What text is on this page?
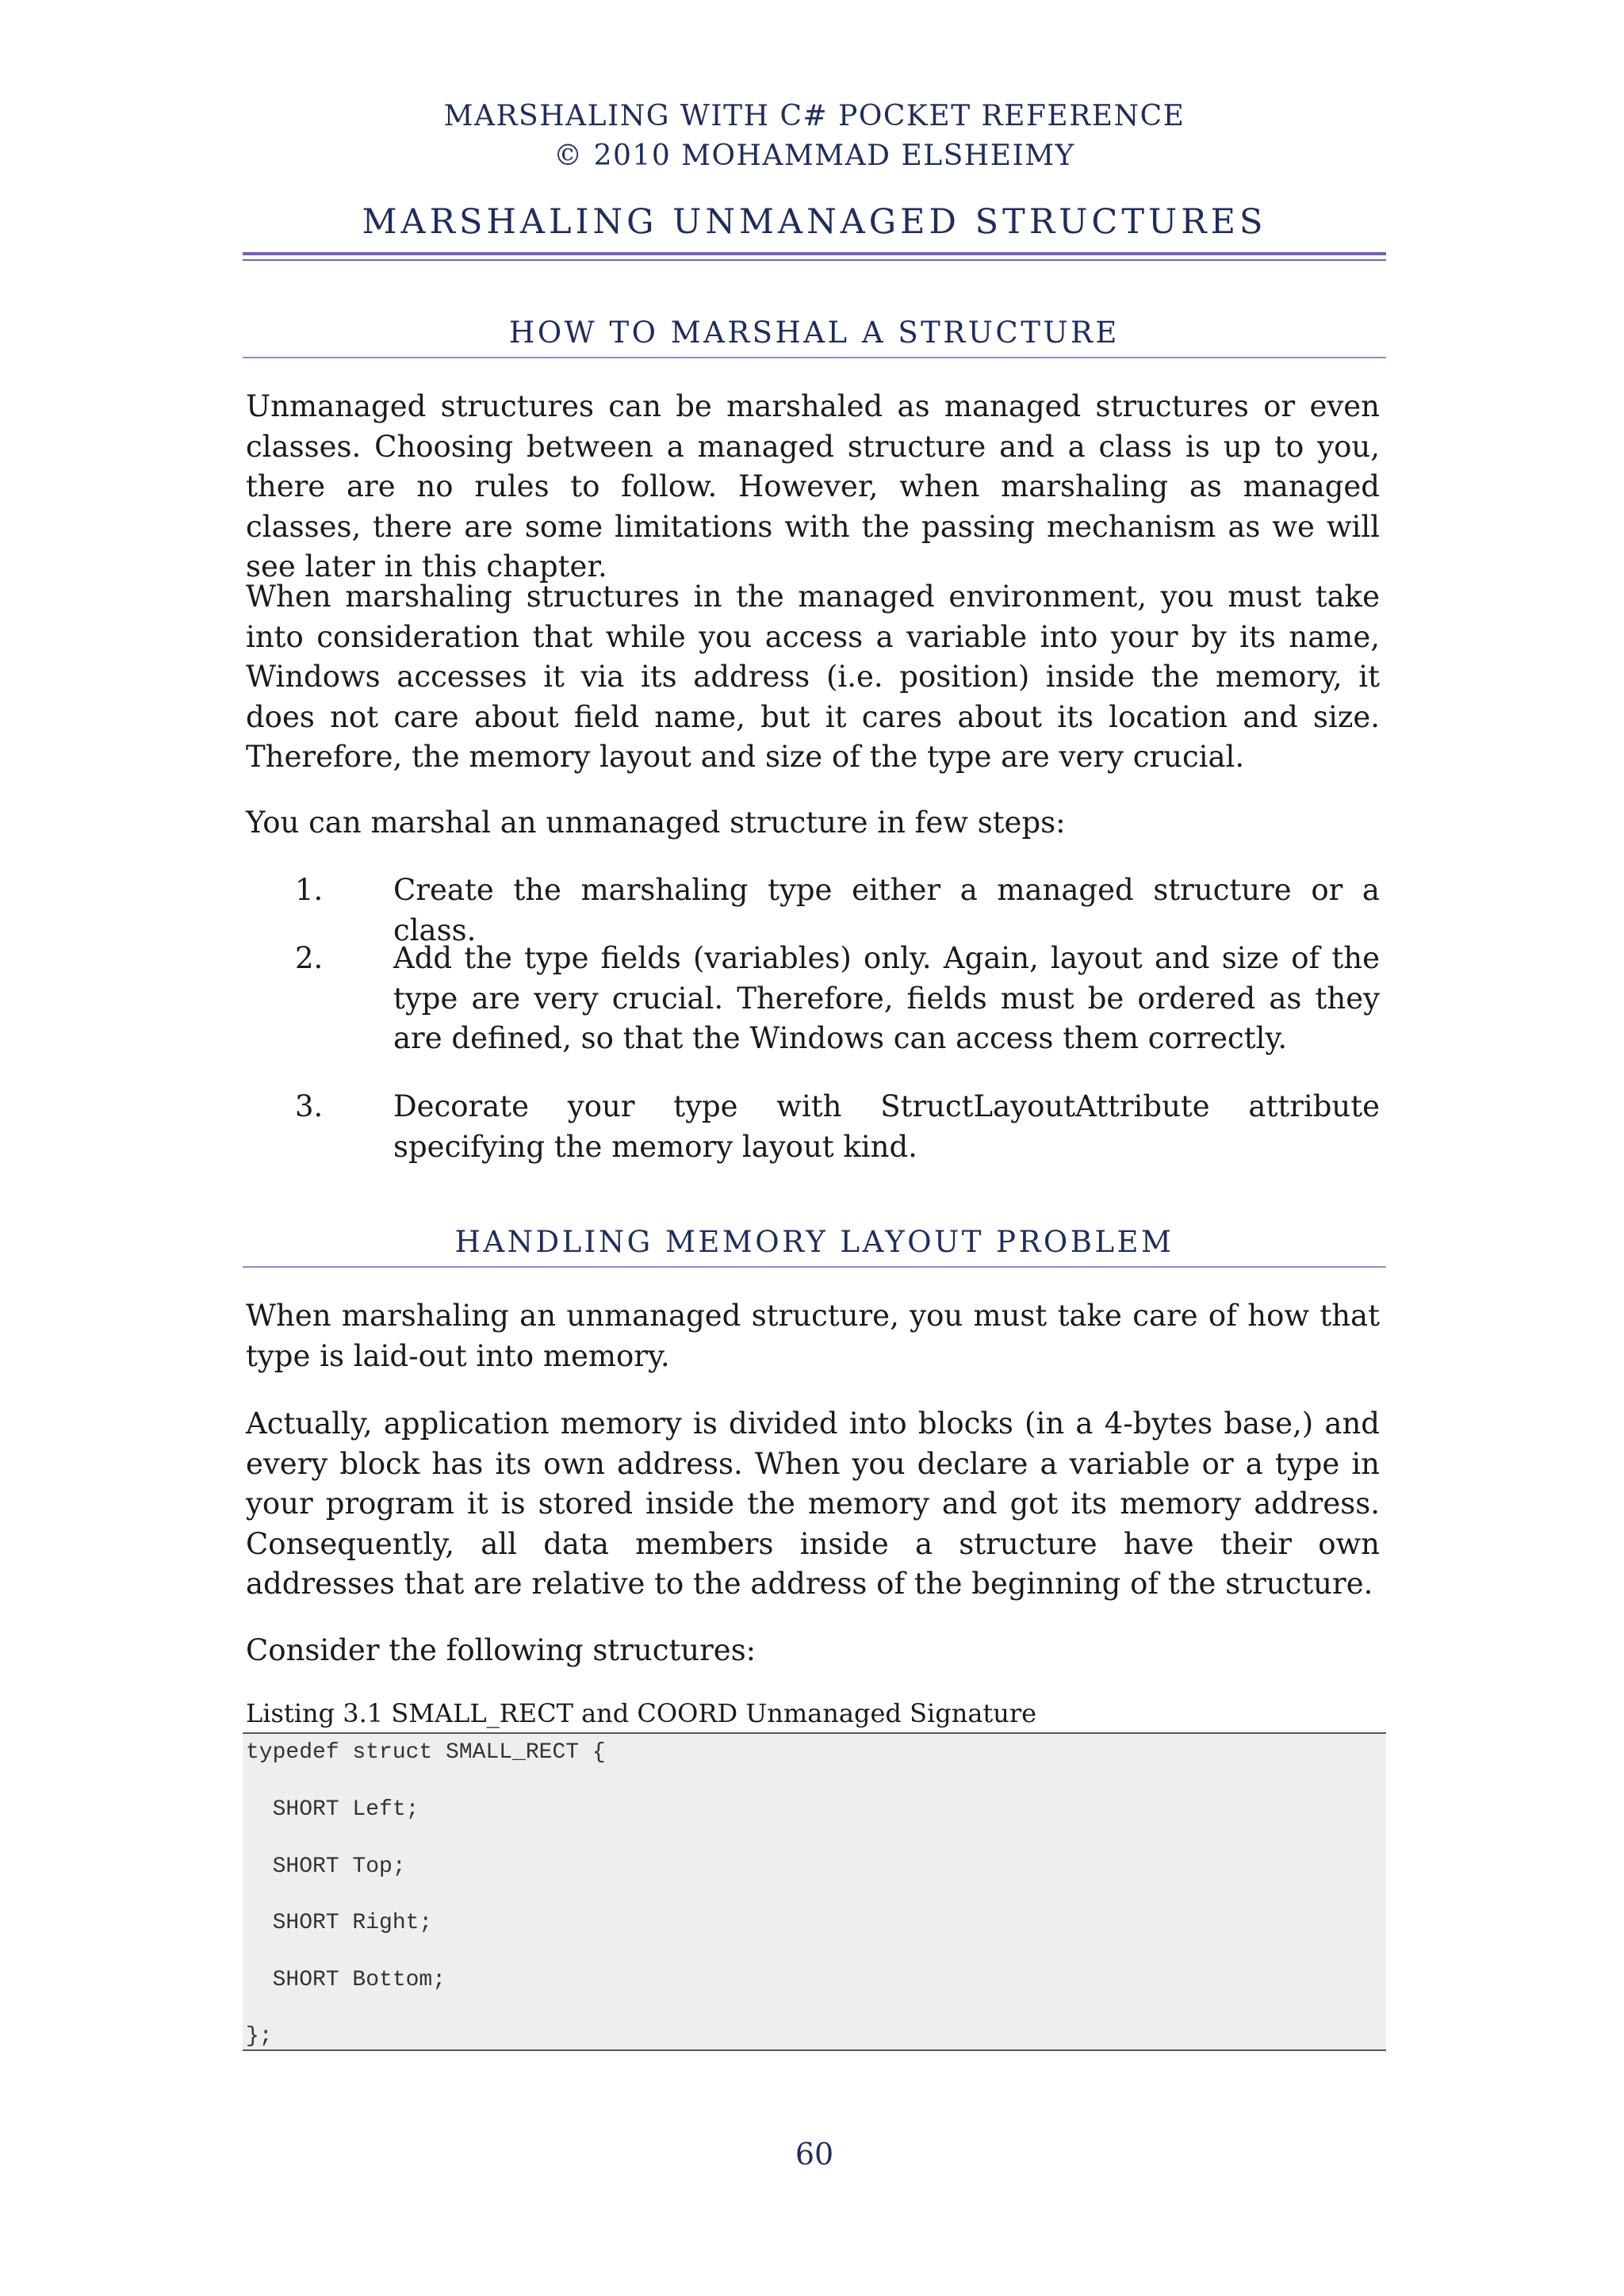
MARSHALING WITH C# POCKET REFERENCE
© 2010 MOHAMMAD ELSHEIMY
MARSHALING UNMANAGED STRUCTURES
HOW TO MARSHAL A STRUCTURE
Unmanaged structures can be marshaled as managed structures or even classes. Choosing between a managed structure and a class is up to you, there are no rules to follow. However, when marshaling as managed classes, there are some limitations with the passing mechanism as we will see later in this chapter.
When marshaling structures in the managed environment, you must take into consideration that while you access a variable into your by its name, Windows accesses it via its address (i.e. position) inside the memory, it does not care about field name, but it cares about its location and size. Therefore, the memory layout and size of the type are very crucial.
You can marshal an unmanaged structure in few steps:
1.	Create the marshaling type either a managed structure or a class.
2.	Add the type fields (variables) only. Again, layout and size of the type are very crucial. Therefore, fields must be ordered as they are defined, so that the Windows can access them correctly.
3.	Decorate your type with StructLayoutAttribute attribute specifying the memory layout kind.
HANDLING MEMORY LAYOUT PROBLEM
When marshaling an unmanaged structure, you must take care of how that type is laid-out into memory.
Actually, application memory is divided into blocks (in a 4-bytes base,) and every block has its own address. When you declare a variable or a type in your program it is stored inside the memory and got its memory address. Consequently, all data members inside a structure have their own addresses that are relative to the address of the beginning of the structure.
Consider the following structures:
Listing 3.1 SMALL_RECT and COORD Unmanaged Signature
typedef struct SMALL_RECT {
SHORT Left;
SHORT Top;
SHORT Right;
SHORT Bottom;
};
60
